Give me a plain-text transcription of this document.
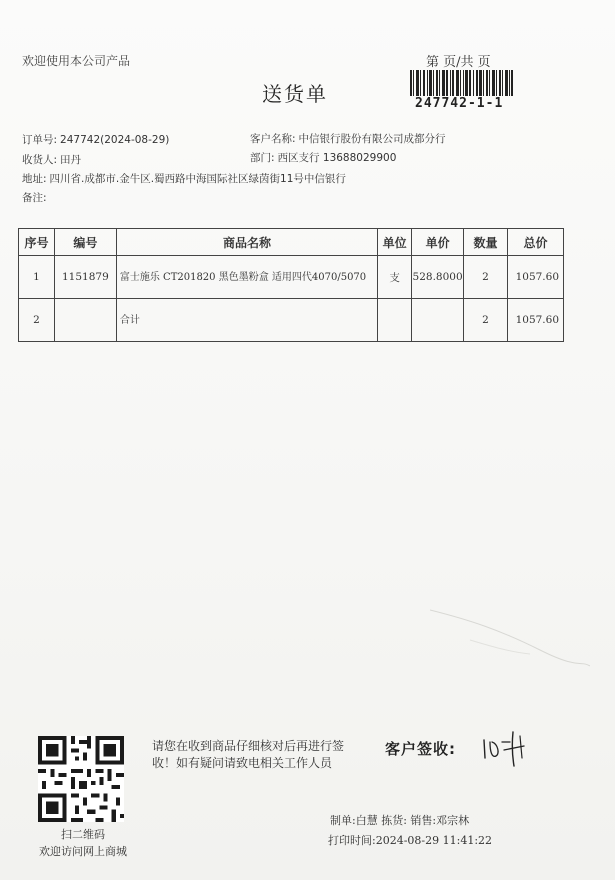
欢迎使用本公司产品
送货单
第 页/共 页
247742-1-1
订单号: 247742(2024-08-29)	客户名称: 中信银行股份有限公司成都分行
收货人: 田丹	部门: 西区支行 13688029900
地址: 四川省.成都市.金牛区.蜀西路中海国际社区绿茵街11号中信银行
备注:
序号	编号	商品名称	单位	单价	数量	总价
1	1151879	富士施乐 CT201820 黑色墨粉盒 适用四代4070/5070	支	528.8000	2	1057.60
2		合计			2	1057.60
扫二维码
欢迎访问网上商城
请您在收到商品仔细核对后再进行签
收！如有疑问请致电相关工作人员
客户签收:
制单:白慧 拣货: 销售:邓宗林
打印时间:2024-08-29 11:41:22
